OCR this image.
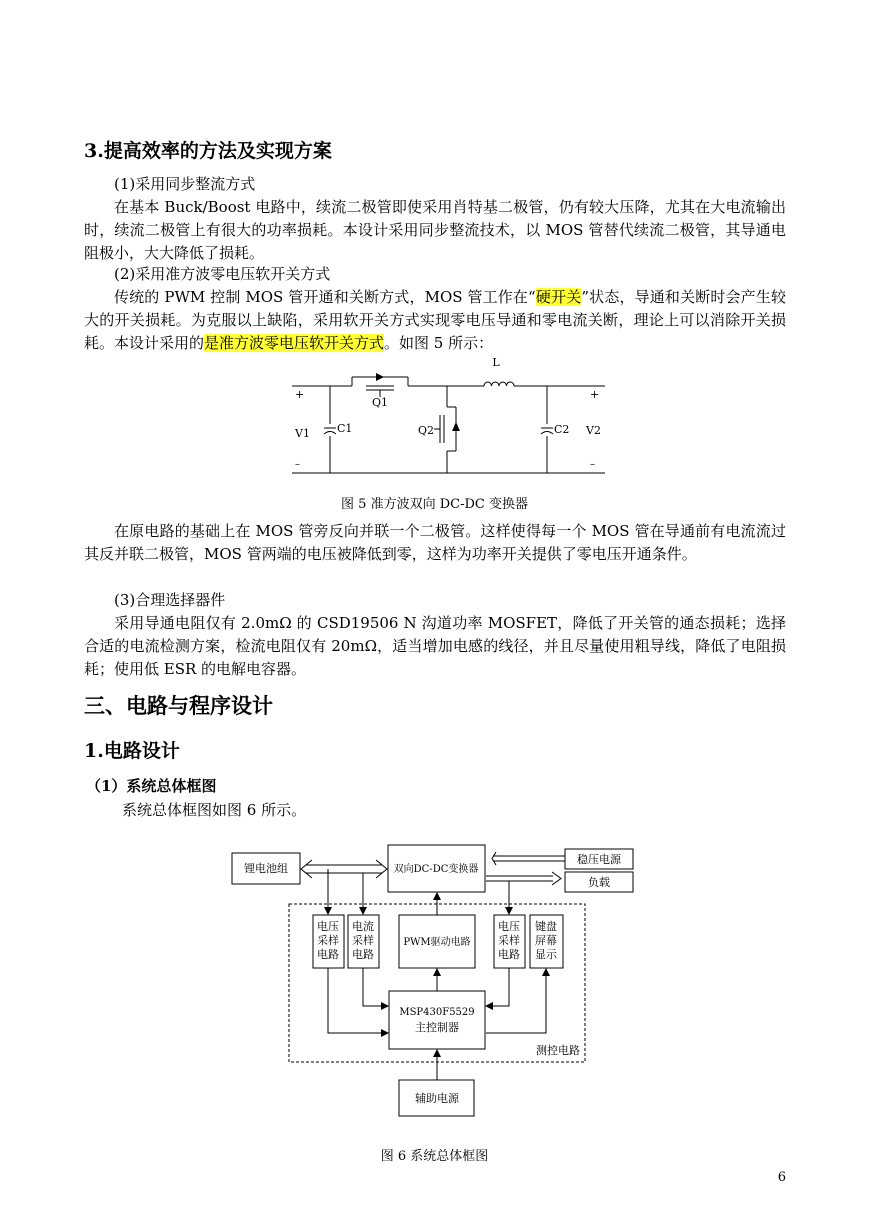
3.提高效率的方法及实现方案

(1)采用同步整流方式

在基本 Buck/Boost 电路中，续流二极管即使采用肖特基二极管，仍有较大压降，尤其在大电流输出时，续流二极管上有很大的功率损耗。本设计采用同步整流技术，以 MOS 管替代续流二极管，其导通电阻极小，大大降低了损耗。

(2)采用准方波零电压软开关方式

传统的 PWM 控制 MOS 管开通和关断方式，MOS 管工作在“硬开关”状态，导通和关断时会产生较大的开关损耗。为克服以上缺陷，采用软开关方式实现零电压导通和零电流关断，理论上可以消除开关损耗。本设计采用的是准方波零电压软开关方式。如图 5 所示：

L
Q1
Q2
C1	C2
V1	V2
+	+
–	–

图 5 准方波双向 DC-DC 变换器

在原电路的基础上在 MOS 管旁反向并联一个二极管。这样使得每一个 MOS 管在导通前有电流流过其反并联二极管，MOS 管两端的电压被降低到零，这样为功率开关提供了零电压开通条件。

(3)合理选择器件

采用导通电阻仅有 2.0mΩ 的 CSD19506 N 沟道功率 MOSFET，降低了开关管的通态损耗；选择合适的电流检测方案，检流电阻仅有 20mΩ，适当增加电感的线径，并且尽量使用粗导线，降低了电阻损耗；使用低 ESR 的电解电容器。

三、电路与程序设计
1.电路设计

（1）系统总体框图

系统总体框图如图 6 所示。

锂电池组	双向DC-DC变换器
稳压电源
负载
电压
采样
电路
电流
采样
电路
PWM驱动电路
电压
采样
电路
键盘
屏幕
显示
MSP430F5529
主控制器
测控电路
辅助电源

图 6 系统总体框图

6
